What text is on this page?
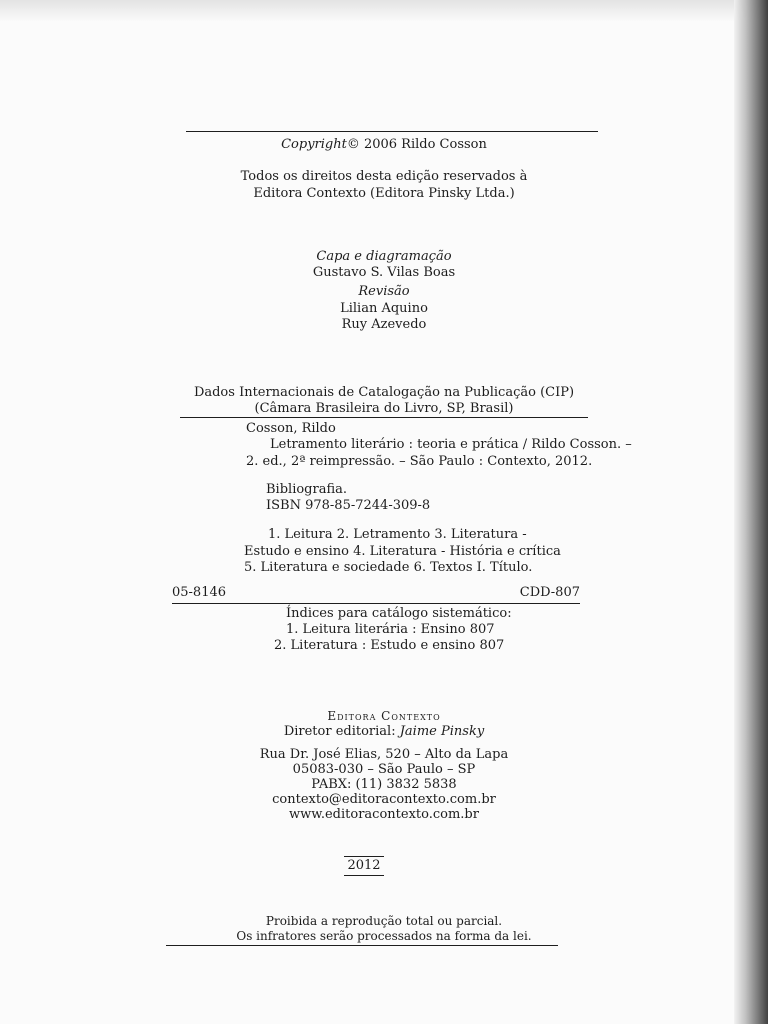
Copyright© 2006 Rildo Cosson
Todos os direitos desta edição reservados à
Editora Contexto (Editora Pinsky Ltda.)
Capa e diagramação
Gustavo S. Vilas Boas
Revisão
Lilian Aquino
Ruy Azevedo
Dados Internacionais de Catalogação na Publicação (CIP)
(Câmara Brasileira do Livro, SP, Brasil)
Cosson, Rildo
Letramento literário : teoria e prática / Rildo Cosson. –
2. ed., 2ª reimpressão. – São Paulo : Contexto, 2012.
Bibliografia.
ISBN 978-85-7244-309-8
1. Leitura 2. Letramento 3. Literatura -
Estudo e ensino 4. Literatura - História e crítica
5. Literatura e sociedade 6. Textos I. Título.
05-8146	CDD-807
Índices para catálogo sistemático:
1. Leitura literária : Ensino 807
2. Literatura : Estudo e ensino 807
Editora Contexto
Diretor editorial: Jaime Pinsky
Rua Dr. José Elias, 520 – Alto da Lapa
05083-030 – São Paulo – SP
PABX: (11) 3832 5838
contexto@editoracontexto.com.br
www.editoracontexto.com.br
2012
Proibida a reprodução total ou parcial.
Os infratores serão processados na forma da lei.
